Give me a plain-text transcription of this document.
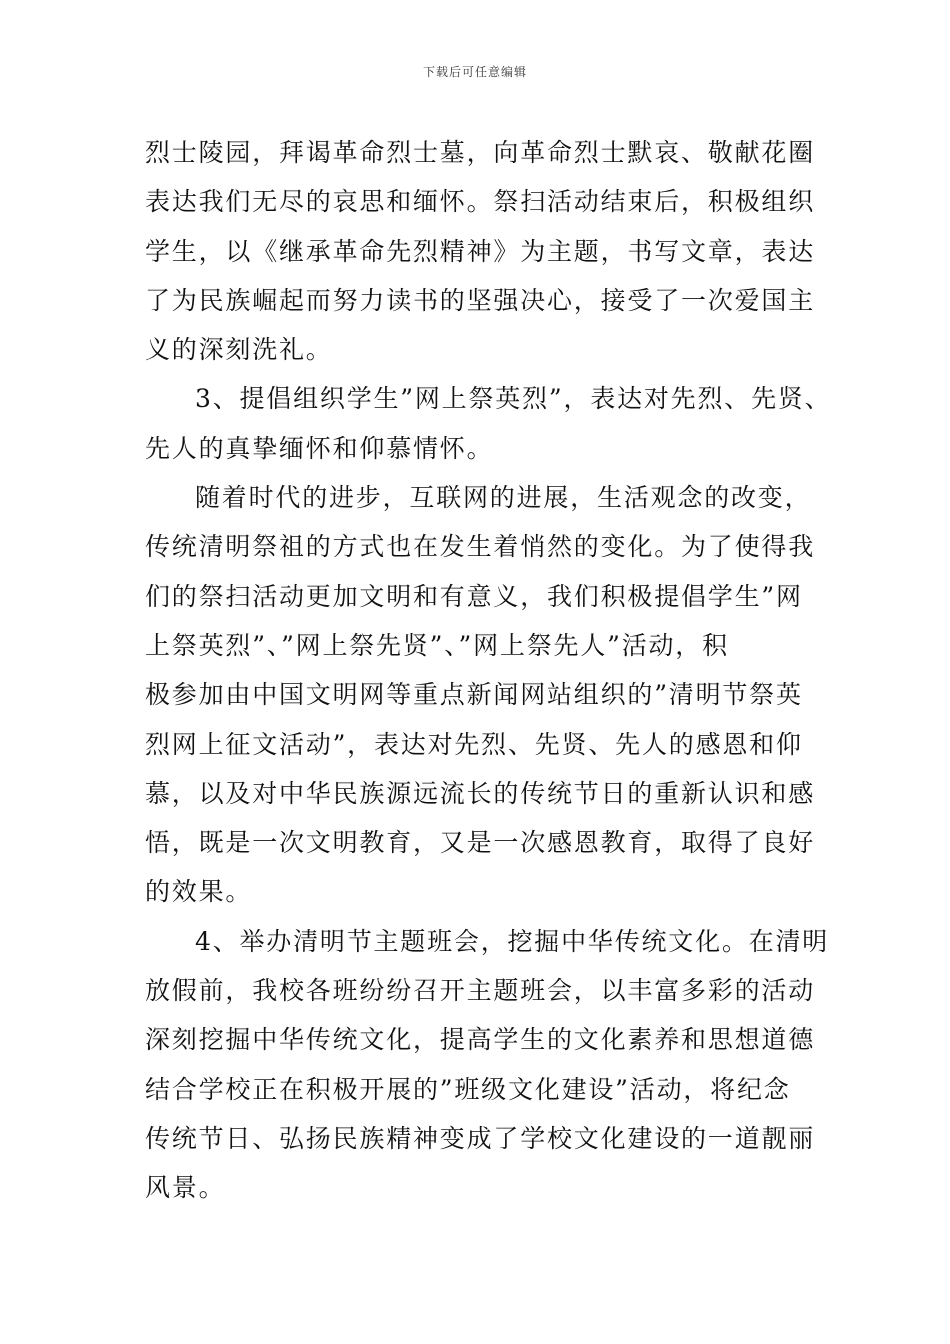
下载后可任意编辑

烈士陵园，拜谒革命烈士墓，向革命烈士默哀、敬献花圈
表达我们无尽的哀思和缅怀。祭扫活动结束后，积极组织
学生，以《继承革命先烈精神》为主题，书写文章，表达
了为民族崛起而努力读书的坚强决心，接受了一次爱国主
义的深刻洗礼。

3、提倡组织学生”网上祭英烈”，表达对先烈、先贤、
先人的真挚缅怀和仰慕情怀。

随着时代的进步，互联网的进展，生活观念的改变，
传统清明祭祖的方式也在发生着悄然的变化。为了使得我
们的祭扫活动更加文明和有意义，我们积极提倡学生”网
上祭英烈”、”网上祭先贤”、”网上祭先人”活动，积
极参加由中国文明网等重点新闻网站组织的”清明节祭英
烈网上征文活动”，表达对先烈、先贤、先人的感恩和仰
慕，以及对中华民族源远流长的传统节日的重新认识和感
悟，既是一次文明教育，又是一次感恩教育，取得了良好
的效果。

4、举办清明节主题班会，挖掘中华传统文化。在清明
放假前，我校各班纷纷召开主题班会，以丰富多彩的活动
深刻挖掘中华传统文化，提高学生的文化素养和思想道德
结合学校正在积极开展的”班级文化建设”活动，将纪念
传统节日、弘扬民族精神变成了学校文化建设的一道靓丽
风景。
